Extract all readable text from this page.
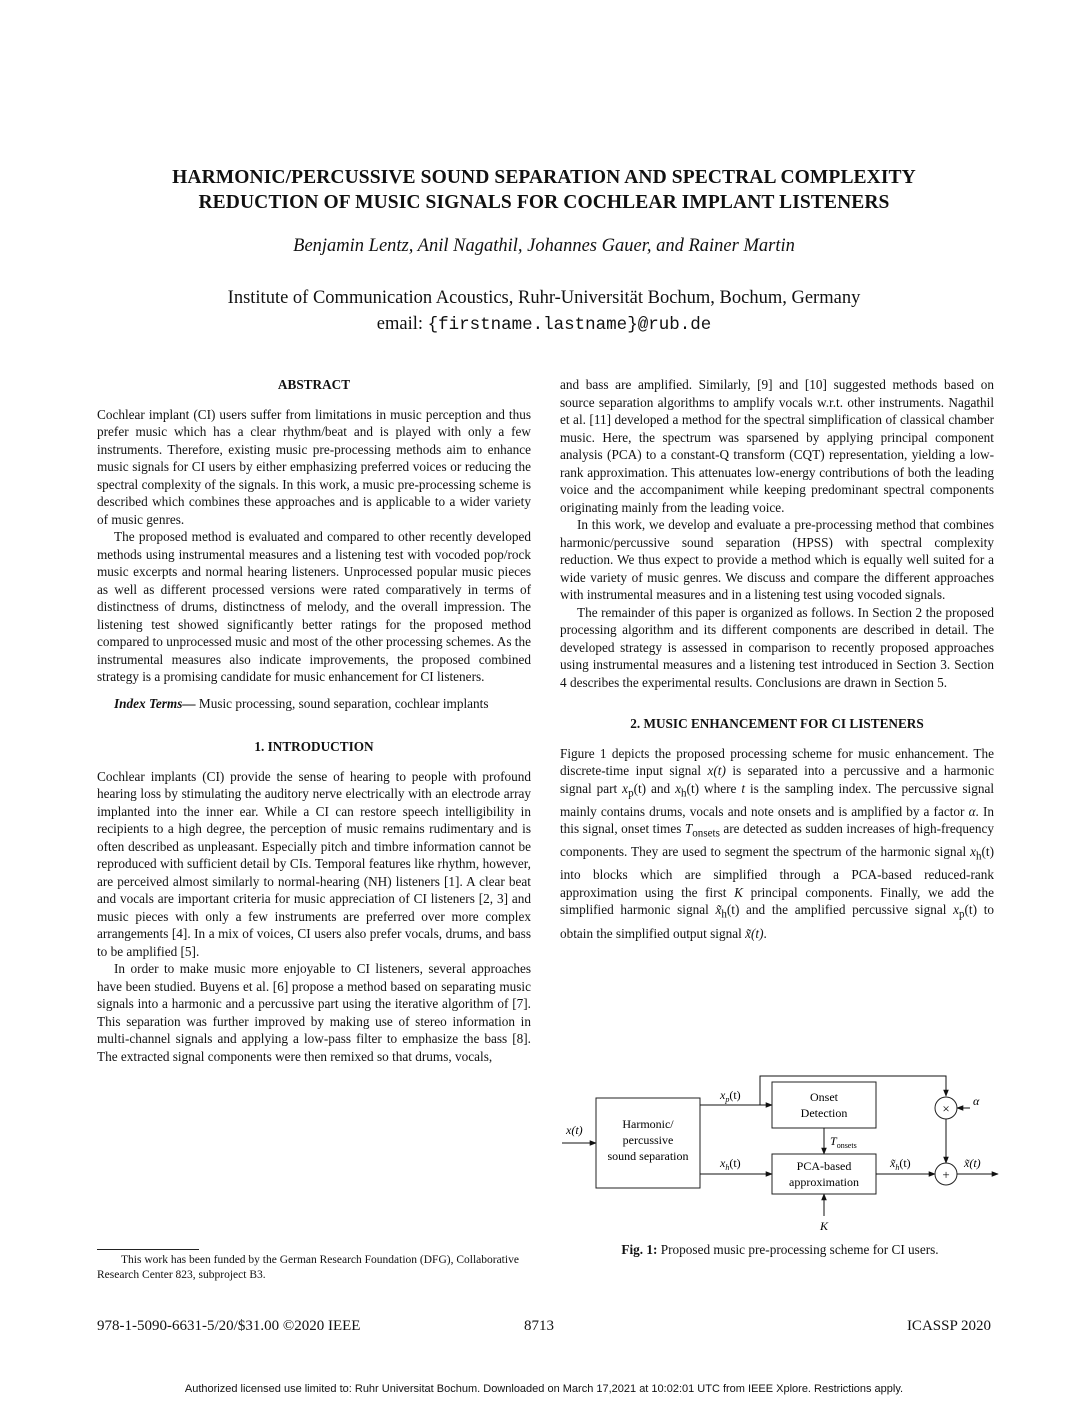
HARMONIC/PERCUSSIVE SOUND SEPARATION AND SPECTRAL COMPLEXITY
REDUCTION OF MUSIC SIGNALS FOR COCHLEAR IMPLANT LISTENERS
Benjamin Lentz, Anil Nagathil, Johannes Gauer, and Rainer Martin
Institute of Communication Acoustics, Ruhr-Universität Bochum, Bochum, Germany
email: {firstname.lastname}@rub.de
ABSTRACT

Cochlear implant (CI) users suffer from limitations in music perception and thus prefer music which has a clear rhythm/beat and is played with only a few instruments. Therefore, existing music pre-processing methods aim to enhance music signals for CI users by either emphasizing preferred voices or reducing the spectral complexity of the signals. In this work, a music pre-processing scheme is described which combines these approaches and is applicable to a wider variety of music genres.

The proposed method is evaluated and compared to other recently developed methods using instrumental measures and a listening test with vocoded pop/rock music excerpts and normal hearing listeners. Unprocessed popular music pieces as well as different processed versions were rated comparatively in terms of distinctness of drums, distinctness of melody, and the overall impression. The listening test showed significantly better ratings for the proposed method compared to unprocessed music and most of the other processing schemes. As the instrumental measures also indicate improvements, the proposed combined strategy is a promising candidate for music enhancement for CI listeners.

Index Terms— Music processing, sound separation, cochlear implants

1. INTRODUCTION

Cochlear implants (CI) provide the sense of hearing to people with profound hearing loss by stimulating the auditory nerve electrically with an electrode array implanted into the inner ear. While a CI can restore speech intelligibility in recipients to a high degree, the perception of music remains rudimentary and is often described as unpleasant. Especially pitch and timbre information cannot be reproduced with sufficient detail by CIs. Temporal features like rhythm, however, are perceived almost similarly to normal-hearing (NH) listeners [1]. A clear beat and vocals are important criteria for music appreciation of CI listeners [2, 3] and music pieces with only a few instruments are preferred over more complex arrangements [4]. In a mix of voices, CI users also prefer vocals, drums, and bass to be amplified [5].

In order to make music more enjoyable to CI listeners, several approaches have been studied. Buyens et al. [6] propose a method based on separating music signals into a harmonic and a percussive part using the iterative algorithm of [7]. This separation was further improved by making use of stereo information in multi-channel signals and applying a low-pass filter to emphasize the bass [8]. The extracted signal components were then remixed so that drums, vocals,

and bass are amplified. Similarly, [9] and [10] suggested methods based on source separation algorithms to amplify vocals w.r.t. other instruments. Nagathil et al. [11] developed a method for the spectral simplification of classical chamber music. Here, the spectrum was sparsened by applying principal component analysis (PCA) to a constant-Q transform (CQT) representation, yielding a low-rank approximation. This attenuates low-energy contributions of both the leading voice and the accompaniment while keeping predominant spectral components originating mainly from the leading voice.

In this work, we develop and evaluate a pre-processing method that combines harmonic/percussive sound separation (HPSS) with spectral complexity reduction. We thus expect to provide a method which is equally well suited for a wide variety of music genres. We discuss and compare the different approaches with instrumental measures and in a listening test using vocoded signals.

The remainder of this paper is organized as follows. In Section 2 the proposed processing algorithm and its different components are described in detail. The developed strategy is assessed in comparison to recently proposed approaches using instrumental measures and a listening test introduced in Section 3. Section 4 describes the experimental results. Conclusions are drawn in Section 5.

2. MUSIC ENHANCEMENT FOR CI LISTENERS

Figure 1 depicts the proposed processing scheme for music enhancement. The discrete-time input signal x(t) is separated into a percussive and a harmonic signal part $x_p(t)$ and $x_h(t)$ where t is the sampling index. The percussive signal mainly contains drums, vocals and note onsets and is amplified by a factor α. In this signal, onset times $T_{onsets}$ are detected as sudden increases of high-frequency components. They are used to segment the spectrum of the harmonic signal $x_h(t)$ into blocks which are simplified through a PCA-based reduced-rank approximation using the first K principal components. Finally, we add the simplified harmonic signal $x̃_h(t)$ and the amplified percussive signal $x_p(t)$ to obtain the simplified output signal x̃(t).

Harmonic/
percussive
sound separation
Onset
Detection
PCA-based
approximation
x(t)
$x_p(t)$
$x_h(t)$
$T_{onsets}$
K
× α
+
$x̃_h(t)$	x̃(t)
Fig. 1: Proposed music pre-processing scheme for CI users.
This work has been funded by the German Research Foundation (DFG), Collaborative Research Center 823, subproject B3.
978-1-5090-6631-5/20/$31.00 ©2020 IEEE	8713	ICASSP 2020
Authorized licensed use limited to: Ruhr Universitat Bochum. Downloaded on March 17,2021 at 10:02:01 UTC from IEEE Xplore. Restrictions apply.
